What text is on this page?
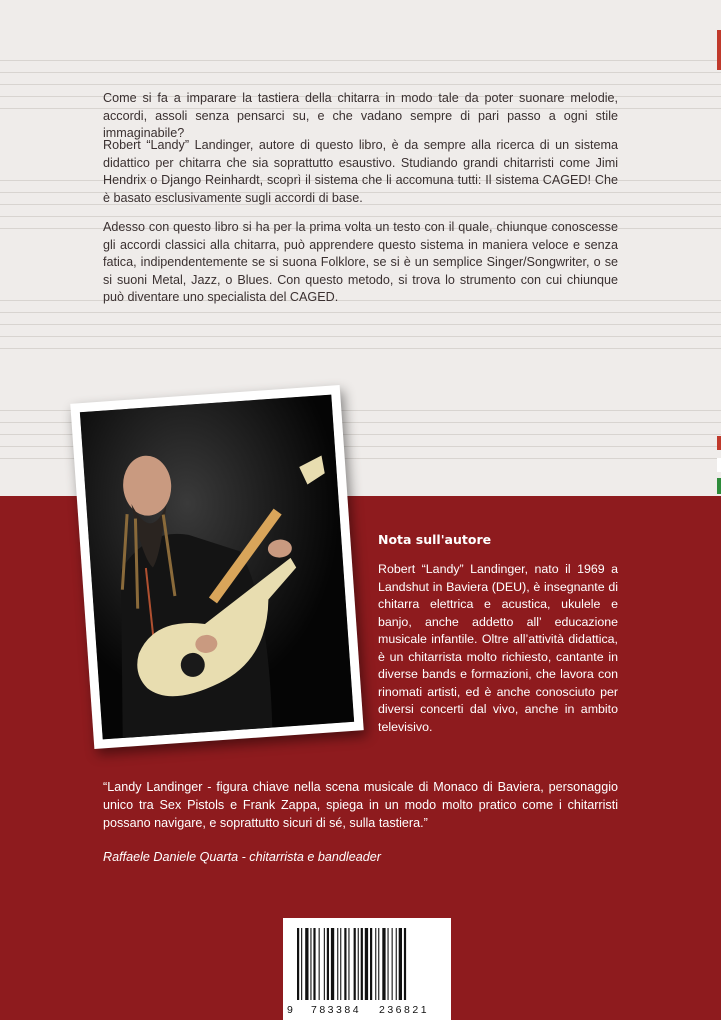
Come si fa a imparare la tastiera della chitarra in modo tale da poter suonare melodie, accordi, assoli senza pensarci su, e che vadano sempre di pari passo a ogni stile immaginabile?

Robert “Landy” Landinger, autore di questo libro, è da sempre alla ricerca di un sistema didattico per chitarra che sia soprattutto esaustivo. Studiando grandi chitarristi come Jimi Hendrix o Django Reinhardt, scoprì il sistema che li accomuna tutti: Il sistema CAGED! Che è basato esclusivamente sugli accordi di base.

Adesso con questo libro si ha per la prima volta un testo con il quale, chiunque conoscesse gli accordi classici alla chitarra, può apprendere questo sistema in maniera veloce e senza fatica, indipendentemente se si suona Folklore, se si è un semplice Singer/Songwriter, o se si suoni Metal, Jazz, o Blues. Con questo metodo, si trova lo strumento con cui chiunque può diventare uno specialista del CAGED.

Nota sull'autore

Robert “Landy” Landinger, nato il 1969 a Landshut in Baviera (DEU), è insegnante di chitarra elettrica e acustica, ukulele e banjo, anche addetto all’ educazione musicale infantile. Oltre all’attività didattica, è un chitarrista molto richiesto, cantante in diverse bands e formazioni, che lavora con rinomati artisti, ed è anche conosciuto per diversi concerti dal vivo, anche in ambito televisivo.

“Landy Landinger - figura chiave nella scena musicale di Monaco di Baviera, personaggio unico tra Sex Pistols e Frank Zappa, spiega in un modo molto pratico come i chitarristi possano navigare, e soprattutto sicuri di sé, sulla tastiera.”

Raffaele Daniele Quarta - chitarrista e bandleader

9 783384 236821
